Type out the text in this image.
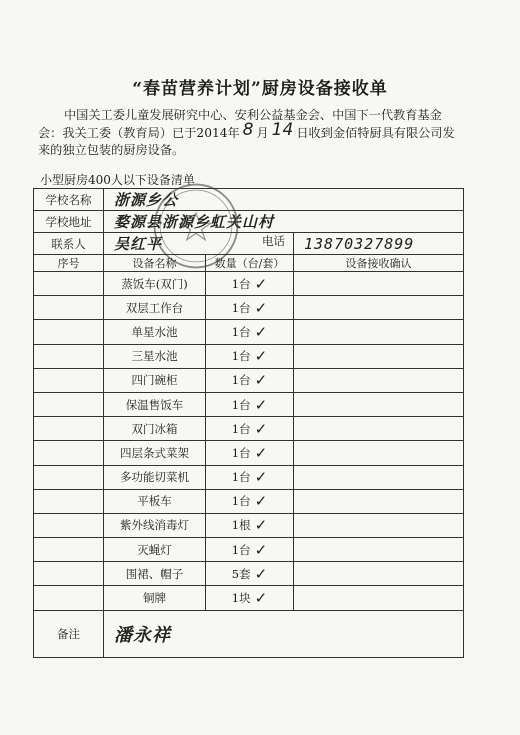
“春苗营养计划”厨房设备接收单
中国关工委儿童发展研究中心、安利公益基金会、中国下一代教育基金
会：我关工委（教育局）已于2014年 8 月 14 日收到金佰特厨具有限公司发
来的独立包装的厨房设备。
小型厨房400人以下设备清单
学校名称	浙源乡公		
学校地址	婺源县浙源乡虹关山村		
联系人	吴红平 电话		13870327899
序号	设备名称	数量（台/套）	设备接收确认
	蒸饭车(双门)	1台 ✓	

	双层工作台	1台 ✓	

	单星水池	1台 ✓	

	三星水池	1台 ✓	

	四门碗柜	1台 ✓	

	保温售饭车	1台 ✓	

	双门冰箱	1台 ✓	

	四层条式菜架	1台 ✓	

	多功能切菜机	1台 ✓	

	平板车	1台 ✓	

	紫外线消毒灯	1根 ✓	

	灭蝇灯	1台 ✓	

	围裙、帽子	5套 ✓	

	铜牌	1块 ✓	

备注	潘永祥		
